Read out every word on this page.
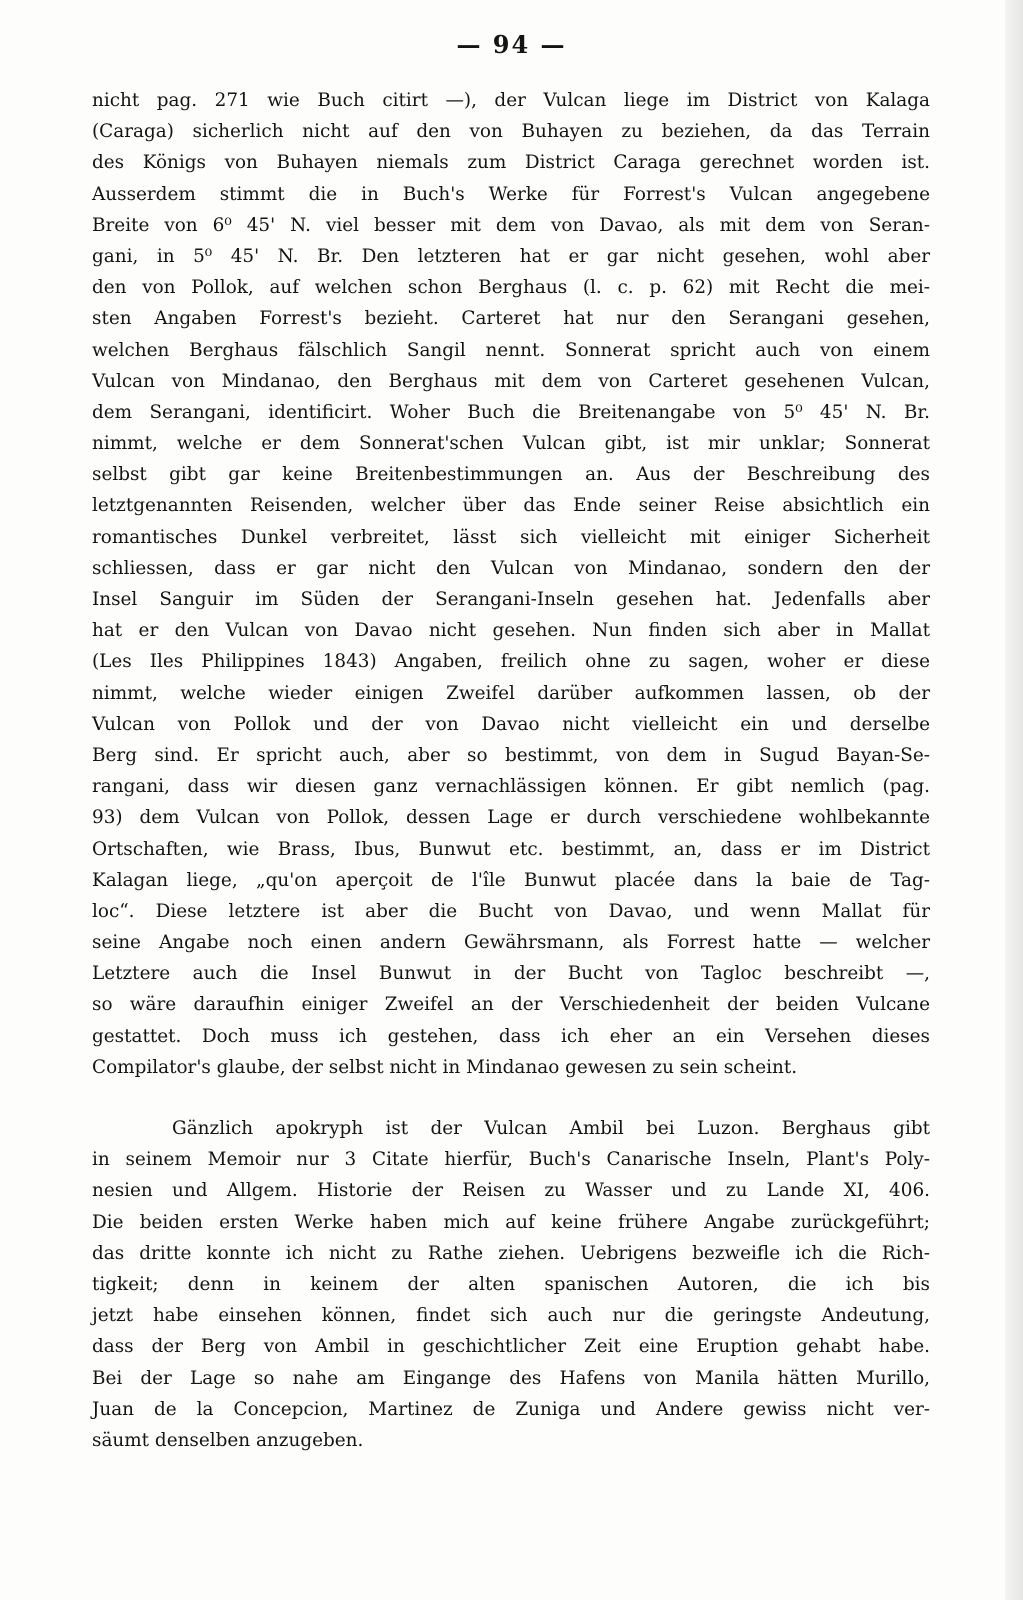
— 94 —
nicht pag. 271 wie Buch citirt —), der Vulcan liege im District von Kalaga
(Caraga) sicherlich nicht auf den von Buhayen zu beziehen, da das Terrain
des Königs von Buhayen niemals zum District Caraga gerechnet worden ist.
Ausserdem stimmt die in Buch's Werke für Forrest's Vulcan angegebene
Breite von 6⁰ 45' N. viel besser mit dem von Davao, als mit dem von Seran-
gani, in 5⁰ 45' N. Br. Den letzteren hat er gar nicht gesehen, wohl aber
den von Pollok, auf welchen schon Berghaus (l. c. p. 62) mit Recht die mei-
sten Angaben Forrest's bezieht. Carteret hat nur den Serangani gesehen,
welchen Berghaus fälschlich Sangil nennt. Sonnerat spricht auch von einem
Vulcan von Mindanao, den Berghaus mit dem von Carteret gesehenen Vulcan,
dem Serangani, identificirt. Woher Buch die Breitenangabe von 5⁰ 45' N. Br.
nimmt, welche er dem Sonnerat'schen Vulcan gibt, ist mir unklar; Sonnerat
selbst gibt gar keine Breitenbestimmungen an. Aus der Beschreibung des
letztgenannten Reisenden, welcher über das Ende seiner Reise absichtlich ein
romantisches Dunkel verbreitet, lässt sich vielleicht mit einiger Sicherheit
schliessen, dass er gar nicht den Vulcan von Mindanao, sondern den der
Insel Sanguir im Süden der Serangani-Inseln gesehen hat. Jedenfalls aber
hat er den Vulcan von Davao nicht gesehen. Nun finden sich aber in Mallat
(Les Iles Philippines 1843) Angaben, freilich ohne zu sagen, woher er diese
nimmt, welche wieder einigen Zweifel darüber aufkommen lassen, ob der
Vulcan von Pollok und der von Davao nicht vielleicht ein und derselbe
Berg sind. Er spricht auch, aber so bestimmt, von dem in Sugud Bayan-Se-
rangani, dass wir diesen ganz vernachlässigen können. Er gibt nemlich (pag.
93) dem Vulcan von Pollok, dessen Lage er durch verschiedene wohlbekannte
Ortschaften, wie Brass, Ibus, Bunwut etc. bestimmt, an, dass er im District
Kalagan liege, „qu'on aperçoit de l'île Bunwut placée dans la baie de Tag-
loc“. Diese letztere ist aber die Bucht von Davao, und wenn Mallat für
seine Angabe noch einen andern Gewährsmann, als Forrest hatte — welcher
Letztere auch die Insel Bunwut in der Bucht von Tagloc beschreibt —,
so wäre daraufhin einiger Zweifel an der Verschiedenheit der beiden Vulcane
gestattet. Doch muss ich gestehen, dass ich eher an ein Versehen dieses
Compilator's glaube, der selbst nicht in Mindanao gewesen zu sein scheint.
Gänzlich apokryph ist der Vulcan Ambil bei Luzon. Berghaus gibt
in seinem Memoir nur 3 Citate hierfür, Buch's Canarische Inseln, Plant's Poly-
nesien und Allgem. Historie der Reisen zu Wasser und zu Lande XI, 406.
Die beiden ersten Werke haben mich auf keine frühere Angabe zurückgeführt;
das dritte konnte ich nicht zu Rathe ziehen. Uebrigens bezweifle ich die Rich-
tigkeit; denn in keinem der alten spanischen Autoren, die ich bis
jetzt habe einsehen können, findet sich auch nur die geringste Andeutung,
dass der Berg von Ambil in geschichtlicher Zeit eine Eruption gehabt habe.
Bei der Lage so nahe am Eingange des Hafens von Manila hätten Murillo,
Juan de la Concepcion, Martinez de Zuniga und Andere gewiss nicht ver-
säumt denselben anzugeben.
